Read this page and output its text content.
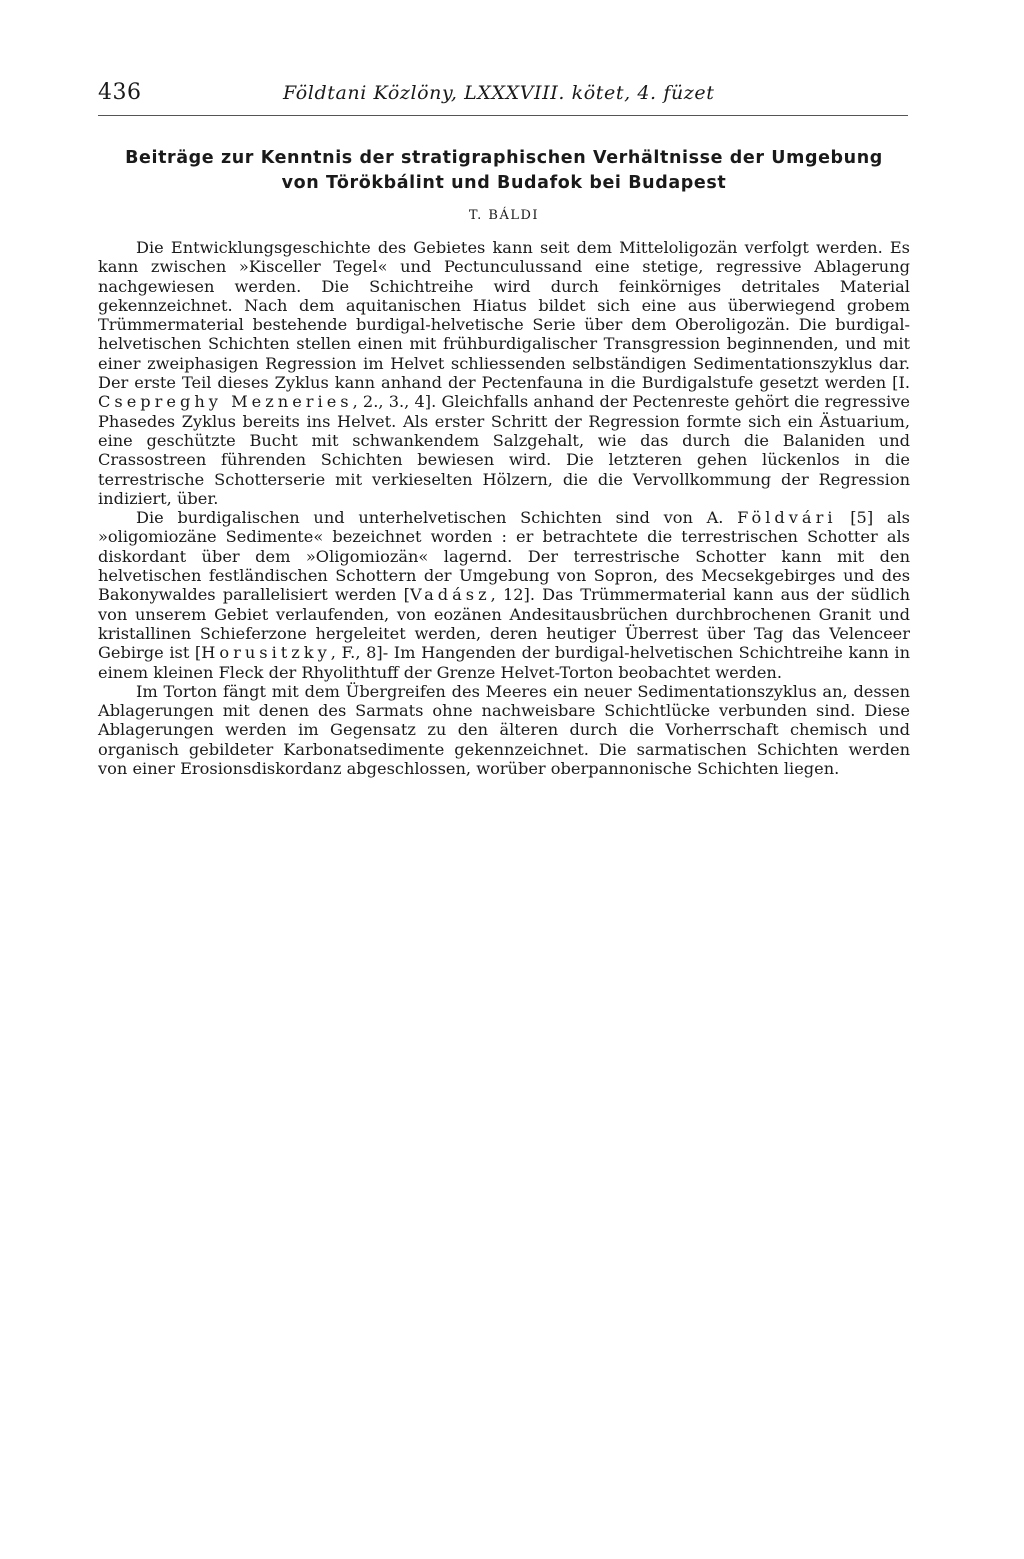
436	Földtani Közlöny, LXXXVIII. kötet, 4. füzet
Beiträge zur Kenntnis der stratigraphischen Verhältnisse der Umgebung
von Törökbálint und Budafok bei Budapest
T. BÁLDI

Die Entwicklungsgeschichte des Gebietes kann seit dem Mitteloligozän verfolgt werden. Es kann zwischen »Kisceller Tegel« und Pectunculussand eine stetige, regressive Ablagerung nachgewiesen werden. Die Schichtreihe wird durch feinkörniges detritales Material gekennzeichnet. Nach dem aquitanischen Hiatus bildet sich eine aus überwiegend grobem Trümmermaterial bestehende burdigal-helvetische Serie über dem Oberoligozän. Die burdigal-helvetischen Schichten stellen einen mit frühburdigalischer Transgression beginnenden, und mit einer zweiphasigen Regression im Helvet schliessenden selbständigen Sedimentationszyklus dar. Der erste Teil dieses Zyklus kann anhand der Pectenfauna in die Burdigalstufe gesetzt werden [I. Csepreghy Mezneries, 2., 3., 4]. Gleichfalls anhand der Pectenreste gehört die regressive Phasedes Zyklus bereits ins Helvet. Als erster Schritt der Regression formte sich ein Ästuarium, eine geschützte Bucht mit schwankendem Salzgehalt, wie das durch die Balaniden und Crassostreen führenden Schichten bewiesen wird. Die letzteren gehen lückenlos in die terrestrische Schotterserie mit verkieselten Hölzern, die die Vervollkommung der Regression indiziert, über.

Die burdigalischen und unterhelvetischen Schichten sind von A. Földvári [5] als »oligomiozäne Sedimente« bezeichnet worden : er betrachtete die terrestrischen Schotter als diskordant über dem »Oligomiozän« lagernd. Der terrestrische Schotter kann mit den helvetischen festländischen Schottern der Umgebung von Sopron, des Mecsekgebirges und des Bakonywaldes parallelisiert werden [Vadász, 12]. Das Trümmermaterial kann aus der südlich von unserem Gebiet verlaufenden, von eozänen Andesitausbrüchen durchbrochenen Granit und kristallinen Schieferzone hergeleitet werden, deren heutiger Überrest über Tag das Velenceer Gebirge ist [Horusitzky, F., 8]- Im Hangenden der burdigal-helvetischen Schichtreihe kann in einem kleinen Fleck der Rhyolithtuff der Grenze Helvet-Torton beobachtet werden.

Im Torton fängt mit dem Übergreifen des Meeres ein neuer Sedimentationszyklus an, dessen Ablagerungen mit denen des Sarmats ohne nachweisbare Schichtlücke verbunden sind. Diese Ablagerungen werden im Gegensatz zu den älteren durch die Vorherrschaft chemisch und organisch gebildeter Karbonatsedimente gekennzeichnet. Die sarmatischen Schichten werden von einer Erosionsdiskordanz abgeschlossen, worüber oberpannonische Schichten liegen.
